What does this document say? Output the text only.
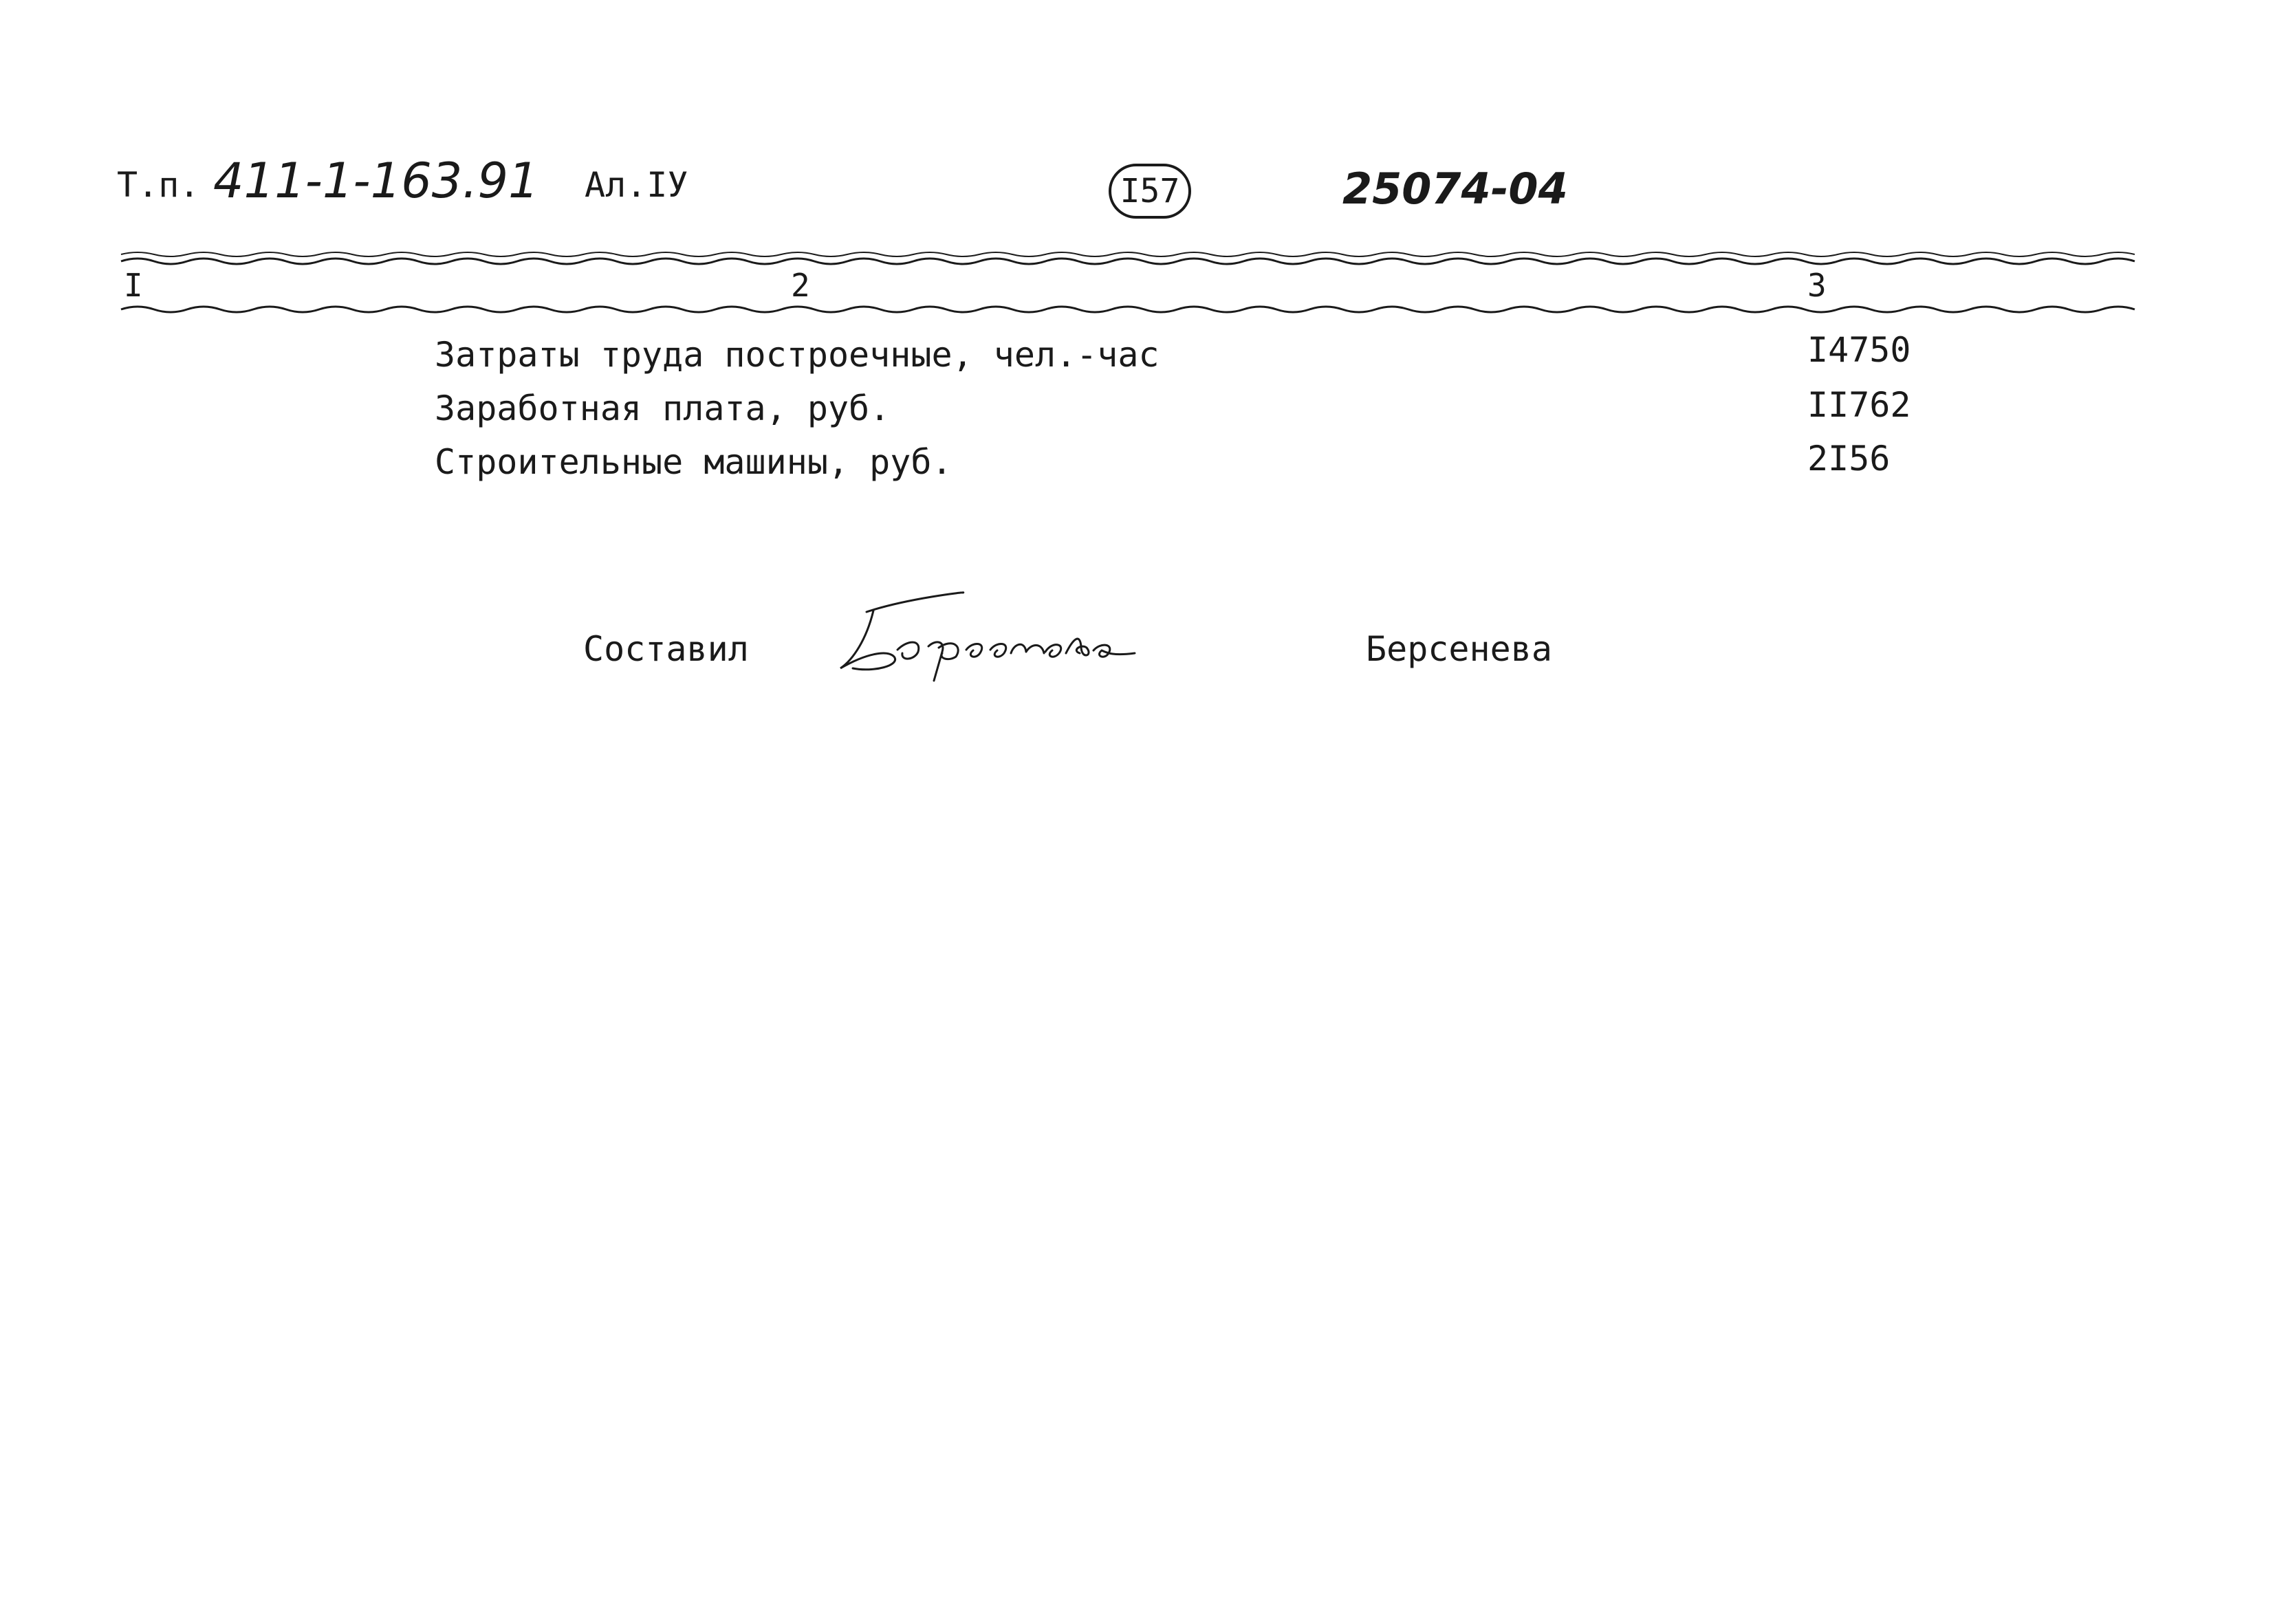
Т.п. 411-1-163.91 Ал.IУ	I57	25074-04
I	2	3
Затраты труда построечные, чел.-час	I4750
Заработная плата, руб.	II762
Строительные машины, руб.	2I56
Составил	Берсенева
